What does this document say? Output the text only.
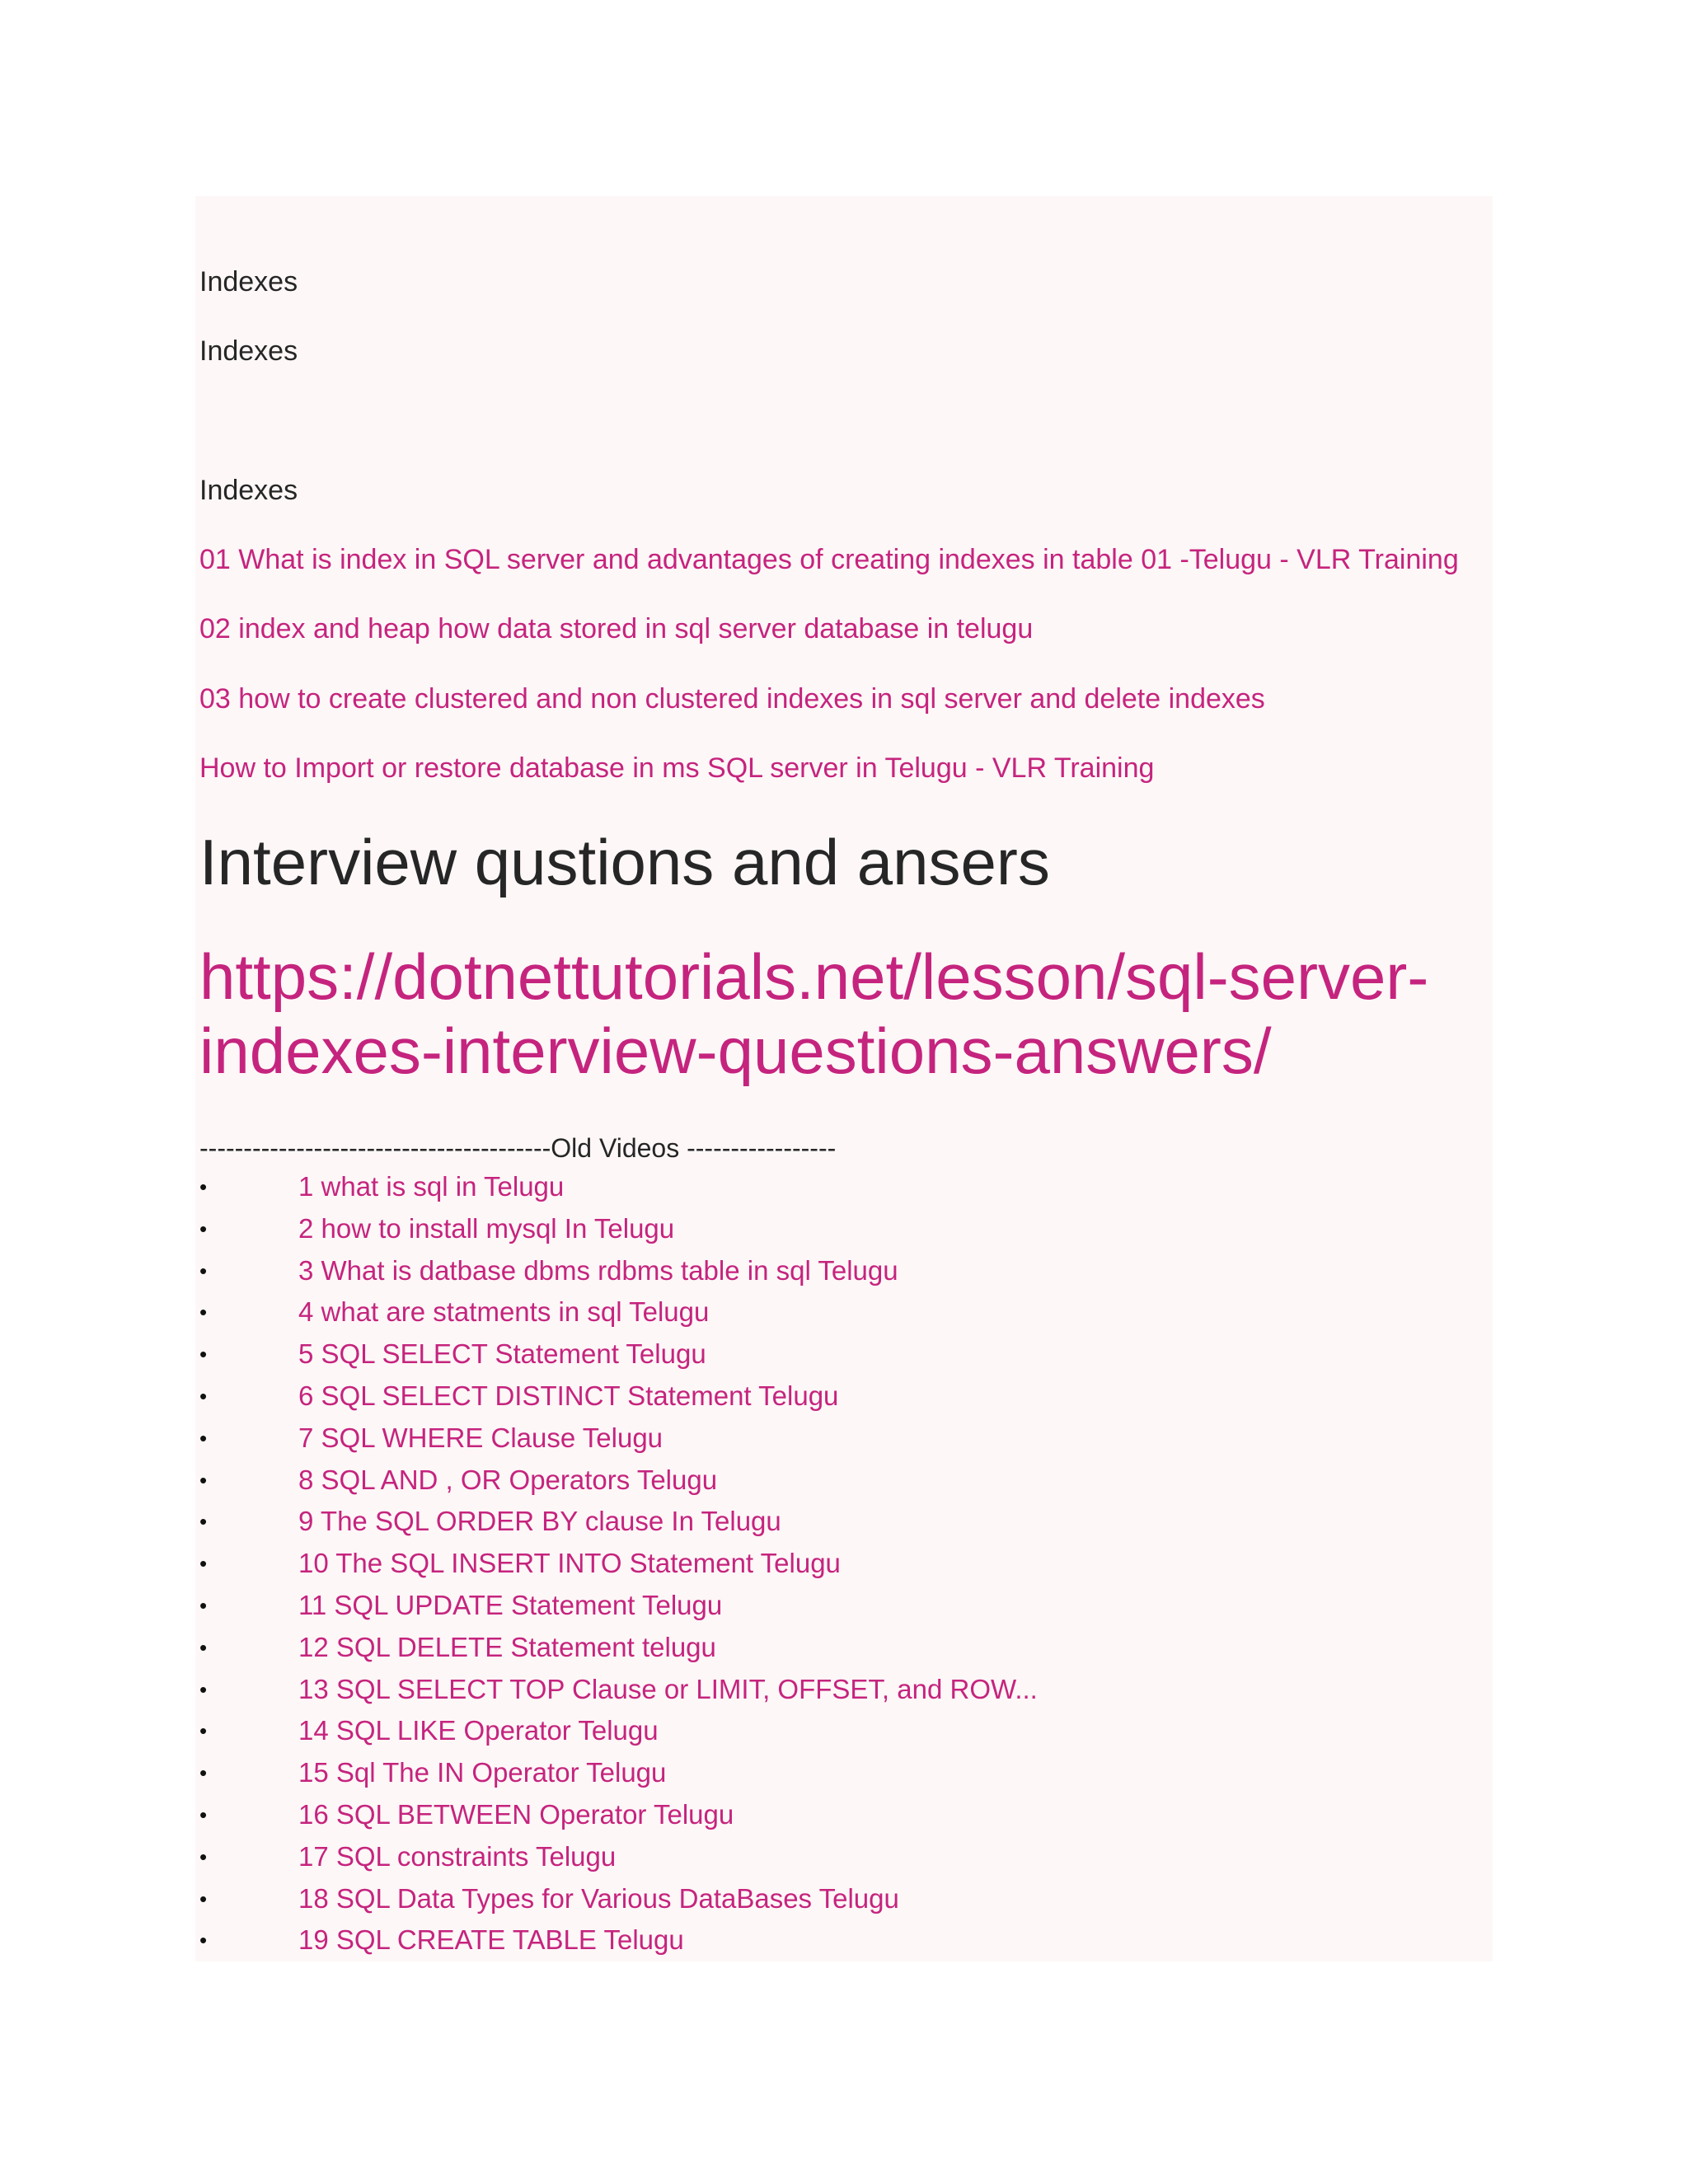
Indexes
Indexes
Indexes
01 What is index in SQL server and advantages of creating indexes in table 01 -Telugu - VLR Training
02 index and heap how data stored in sql server database in telugu
03 how to create clustered and non clustered indexes in sql server and delete indexes
How to Import or restore database in ms SQL server in Telugu - VLR Training
Interview qustions and ansers
https://dotnettutorials.net/lesson/sql-server-
indexes-interview-questions-answers/
----------------------------------------Old Videos -----------------
•	1 what is sql in Telugu
•	2 how to install mysql In Telugu
•	3 What is datbase dbms rdbms table in sql Telugu
•	4 what are statments in sql Telugu
•	5 SQL SELECT Statement Telugu
•	6 SQL SELECT DISTINCT Statement Telugu
•	7 SQL WHERE Clause Telugu
•	8 SQL AND , OR Operators Telugu
•	9 The SQL ORDER BY clause In Telugu
•	10 The SQL INSERT INTO Statement Telugu
•	11 SQL UPDATE Statement Telugu
•	12 SQL DELETE Statement telugu
•	13 SQL SELECT TOP Clause or LIMIT, OFFSET, and ROW...
•	14 SQL LIKE Operator Telugu
•	15 Sql The IN Operator Telugu
•	16 SQL BETWEEN Operator Telugu
•	17 SQL constraints Telugu
•	18 SQL Data Types for Various DataBases Telugu
•	19 SQL CREATE TABLE Telugu
